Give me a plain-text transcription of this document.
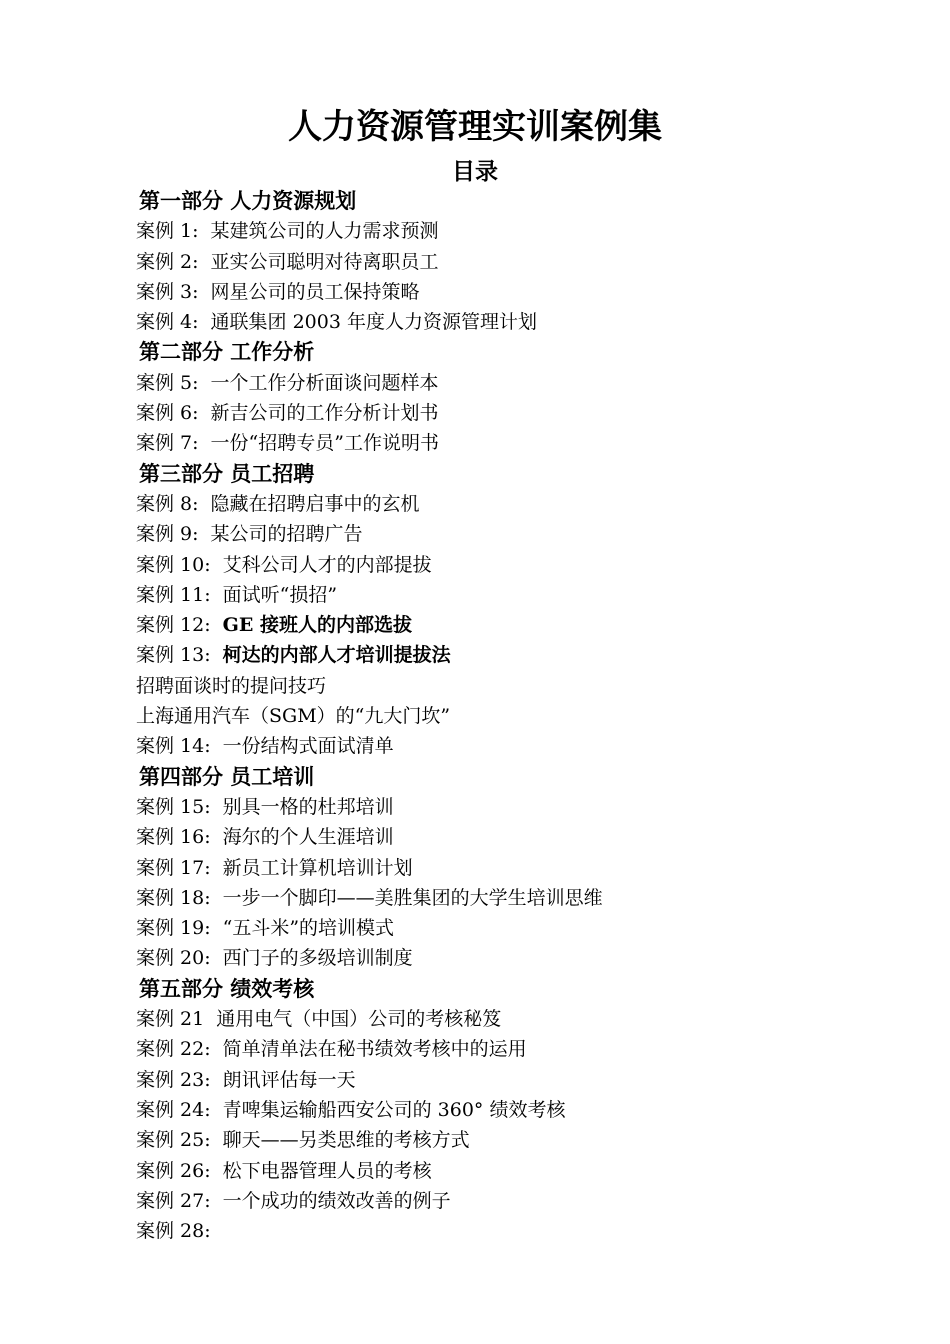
人力资源管理实训案例集
目录
第一部分 人力资源规划
案例 1: 某建筑公司的人力需求预测
案例 2: 亚实公司聪明对待离职员工
案例 3: 网星公司的员工保持策略
案例 4: 通联集团 2003 年度人力资源管理计划
第二部分 工作分析
案例 5: 一个工作分析面谈问题样本
案例 6: 新吉公司的工作分析计划书
案例 7: 一份“招聘专员”工作说明书
第三部分 员工招聘
案例 8: 隐藏在招聘启事中的玄机
案例 9: 某公司的招聘广告
案例 10: 艾科公司人才的内部提拔
案例 11: 面试听“损招”
案例 12: GE 接班人的内部选拔
案例 13: 柯达的内部人才培训提拔法
招聘面谈时的提问技巧
上海通用汽车（SGM）的“九大门坎”
案例 14: 一份结构式面试清单
第四部分 员工培训
案例 15: 别具一格的杜邦培训
案例 16: 海尔的个人生涯培训
案例 17: 新员工计算机培训计划
案例 18: 一步一个脚印——美胜集团的大学生培训思维
案例 19: “五斗米”的培训模式
案例 20: 西门子的多级培训制度
第五部分 绩效考核
案例 21 通用电气（中国）公司的考核秘笈
案例 22: 简单清单法在秘书绩效考核中的运用
案例 23: 朗讯评估每一天
案例 24: 青啤集运输船西安公司的 360° 绩效考核
案例 25: 聊天——另类思维的考核方式
案例 26: 松下电器管理人员的考核
案例 27: 一个成功的绩效改善的例子
案例 28:
